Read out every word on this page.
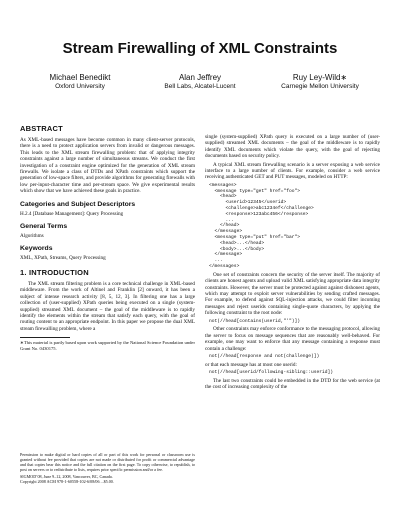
Stream Firewalling of XML Constraints
Michael Benedikt
Oxford University
Alan Jeffrey
Bell Labs, Alcatel-Lucent
Ruy Ley-Wild∗
Carnegie Mellon University
ABSTRACT

As XML-based messages have become common in many client-server protocols, there is a need to protect application servers from invalid or dangerous messages. This leads to the XML stream firewalling problem: that of applying integrity constraints against a large number of simultaneous streams. We conduct the first investigation of a constraint engine optimized for the generation of XML stream firewalls. We isolate a class of DTDs and XPath constraints which support the generation of low-space filters, and provide algorithms for generating firewalls with low per-input-character time and per-stream space. We give experimental results which show that we have achieved these goals in practice.

Categories and Subject Descriptors

H.2.4 [Database Management]: Query Processing

General Terms

Algorithms

Keywords

XML, XPath, Streams, Query Processing

1. INTRODUCTION

The XML stream filtering problem is a core technical challenge in XML-based middleware. From the work of Altinel and Franklin [2] onward, it has been a subject of intense research activity [8, 5, 12, 3]. In filtering one has a large collection of (user-supplied) XPath queries being executed on a single (system-supplied) streamed XML document – the goal of the middleware is to rapidly identify the elements within the stream that satisfy each query, with the goal of routing content to an appropriate endpoint. In this paper we propose the dual XML stream firewalling problem, where a

∗This material is partly based upon work supported by the National Science Foundation under Grant No. 0430175.

Permission to make digital or hard copies of all or part of this work for personal or classroom use is granted without fee provided that copies are not made or distributed for profit or commercial advantage and that copies bear this notice and the full citation on the first page. To copy otherwise, to republish, to post on servers or to redistribute to lists, requires prior specific permission and/or a fee.

SIGMOD’08, June 9–12, 2008, Vancouver, BC, Canada.

Copyright 2008 ACM 978-1-60558-102-6/08/06 ...$5.00.

single (system-supplied) XPath query is executed on a large number of (user-supplied) streamed XML documents – the goal of the middleware is to rapidly identify XML documents which violate the query, with the goal of rejecting documents based on security policy.

A typical XML stream firewalling scenario is a server exposing a web service interface to a large number of clients. For example, consider a web service receiving authenticated GET and PUT messages, modeled on HTTP:

<messages>
<message type="get" href="foo">
<head>
<userid>12345</userid>
<challenge>abc1234ef</challenge>
<response>123abc456</response>
...
</head>
</message>
<message type="put" href="bar">
<head>...</head>
<body>...</body>
</message>
...
</messages>

One set of constraints concern the security of the server itself. The majority of clients are honest agents and upload valid XML satisfying appropriate data integrity constraints. However, the server must be protected against against dishonest agents, which may attempt to exploit server vulnerabilities by sending crafted messages. For example, to defend against SQL-injection attacks, we could filter incoming messages and reject userids containing single-quote characters, by applying the following constraint to the root node:

not(//head[contains(userid,"'")])

Other constraints may enforce conformance to the messaging protocol, allowing the server to focus on message sequences that are reasonably well-behaved. For example, one may want to enforce that any message containing a response must contain a challenge:

not(//head[response and not(challenge)])

or that each message has at most one userid:

not(//head[userid/following-sibling::userid])

The last two constraints could be embedded in the DTD for the web service (at the cost of increasing complexity of the
